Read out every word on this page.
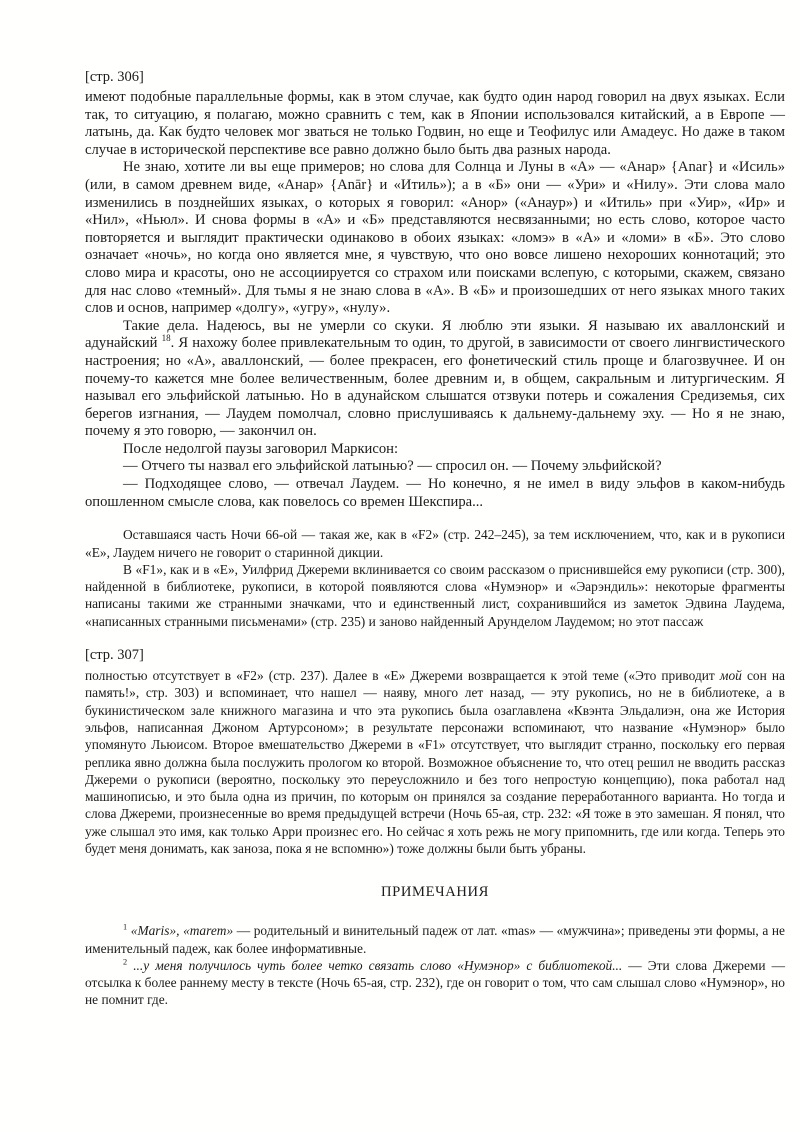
[стр. 306]

имеют подобные параллельные формы, как в этом случае, как будто один народ говорил на двух языках. Если так, то ситуацию, я полагаю, можно сравнить с тем, как в Японии использовался китайский, а в Европе — латынь, да. Как будто человек мог зваться не только Годвин, но еще и Теофилус или Амадеус. Но даже в таком случае в исторической перспективе все равно должно было быть два разных народа.

Не знаю, хотите ли вы еще примеров; но слова для Солнца и Луны в «А» — «Анар» {Anar} и «Исиль» (или, в самом древнем виде, «Анар» {Anār} и «Итиль»); а в «Б» они — «Ури» и «Нилу». Эти слова мало изменились в позднейших языках, о которых я говорил: «Анор» («Анаур») и «Итиль» при «Уир», «Ир» и «Нил», «Ньюл». И снова формы в «А» и «Б» представляются несвязанными; но есть слово, которое часто повторяется и выглядит практически одинаково в обоих языках: «ломэ» в «А» и «ломи» в «Б». Это слово означает «ночь», но когда оно является мне, я чувствую, что оно вовсе лишено нехороших коннотаций; это слово мира и красоты, оно не ассоциируется со страхом или поисками вслепую, с которыми, скажем, связано для нас слово «темный». Для тьмы я не знаю слова в «А». В «Б» и произошедших от него языках много таких слов и основ, например «долгу», «угру», «нулу».

Такие дела. Надеюсь, вы не умерли со скуки. Я люблю эти языки. Я называю их аваллонский и адунайский $^{18}$. Я нахожу более привлекательным то один, то другой, в зависимости от своего лингвистического настроения; но «А», аваллонский, — более прекрасен, его фонетический стиль проще и благозвучнее. И он почему-то кажется мне более величественным, более древним и, в общем, сакральным и литургическим. Я называл его эльфийской латынью. Но в адунайском слышатся отзвуки потерь и сожаления Средиземья, сих берегов изгнания, — Лаудем помолчал, словно прислушиваясь к дальнему-дальнему эху. — Но я не знаю, почему я это говорю, — закончил он.

После недолгой паузы заговорил Маркисон:

— Отчего ты назвал его эльфийской латынью? — спросил он. — Почему эльфийской?

— Подходящее слово, — отвечал Лаудем. — Но конечно, я не имел в виду эльфов в каком-нибудь опошленном смысле слова, как повелось со времен Шекспира...

Оставшаяся часть Ночи 66-ой — такая же, как в «F2» (стр. 242–245), за тем исключением, что, как и в рукописи «Е», Лаудем ничего не говорит о старинной дикции.

В «F1», как и в «Е», Уилфрид Джереми вклинивается со своим рассказом о приснившейся ему рукописи (стр. 300), найденной в библиотеке, рукописи, в которой появляются слова «Нумэнор» и «Эарэндиль»: некоторые фрагменты написаны такими же странными значками, что и единственный лист, сохранившийся из заметок Эдвина Лаудема, «написанных странными письменами» (стр. 235) и заново найденный Арунделом Лаудемом; но этот пассаж

[стр. 307]

полностью отсутствует в «F2» (стр. 237). Далее в «Е» Джереми возвращается к этой теме («Это приводит мой сон на память!», стр. 303) и вспоминает, что нашел — наяву, много лет назад, — эту рукопись, но не в библиотеке, а в букинистическом зале книжного магазина и что эта рукопись была озаглавлена «Квэнта Эльдалиэн, она же История эльфов, написанная Джоном Артурсоном»; в результате персонажи вспоминают, что название «Нумэнор» было упомянуто Льюисом. Второе вмешательство Джереми в «F1» отсутствует, что выглядит странно, поскольку его первая реплика явно должна была послужить прологом ко второй. Возможное объяснение то, что отец решил не вводить рассказ Джереми о рукописи (вероятно, поскольку это переусложнило и без того непростую концепцию), пока работал над машинописью, и это была одна из причин, по которым он принялся за создание переработанного варианта. Но тогда и слова Джереми, произнесенные во время предыдущей встречи (Ночь 65-ая, стр. 232: «Я тоже в это замешан. Я понял, что уже слышал это имя, как только Арри произнес его. Но сейчас я хоть режь не могу припомнить, где или когда. Теперь это будет меня донимать, как заноза, пока я не вспомню») тоже должны были быть убраны.

ПРИМЕЧАНИЯ

$^1$ «Maris», «marem» — родительный и винительный падеж от лат. «mas» — «мужчина»; приведены эти формы, а не именительный падеж, как более информативные.

$^2$ ...у меня получилось чуть более четко связать слово «Нумэнор» с библиотекой... — Эти слова Джереми — отсылка к более раннему месту в тексте (Ночь 65-ая, стр. 232), где он говорит о том, что сам слышал слово «Нумэнор», но не помнит где.
